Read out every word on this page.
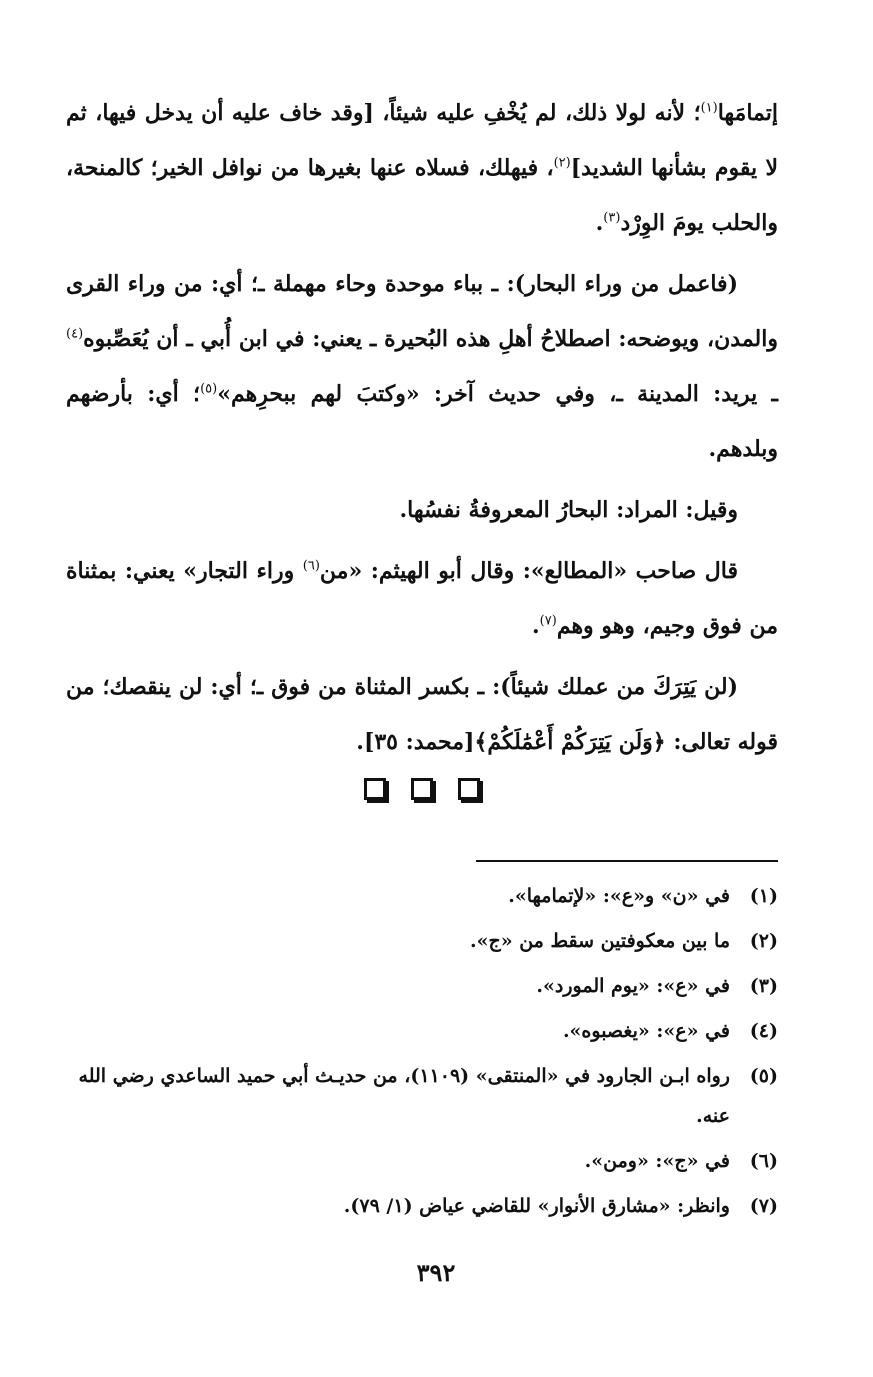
إتمامَها$^{(١)}$؛ لأنه لولا ذلك، لم يُخْفِ عليه شيئاً، [وقد خاف عليه أن يدخل فيها، ثم لا يقوم بشأنها الشديد]$^{(٢)}$، فيهلك، فسلاه عنها بغيرها من نوافل الخير؛ كالمنحة، والحلب يومَ الوِرْد$^{(٣)}$.

(فاعمل من وراء البحار): ـ بباء موحدة وحاء مهملة ـ؛ أي: من وراء القرى والمدن، ويوضحه: اصطلاحُ أهلِ هذه البُحيرة ـ يعني: في ابن أُبي ـ أن يُعَصِّبوه$^{(٤)}$ ـ يريد: المدينة ـ، وفي حديث آخر: «وكتبَ لهم ببحرِهم»$^{(٥)}$؛ أي: بأرضهم وبلدهم.

وقيل: المراد: البحارُ المعروفةُ نفسُها.

قال صاحب «المطالع»: وقال أبو الهيثم: «من$^{(٦)}$ وراء التجار» يعني: بمثناة من فوق وجيم، وهو وهم$^{(٧)}$.

(لن يَتِرَكَ من عملك شيئاً): ـ بكسر المثناة من فوق ـ؛ أي: لن ينقصك؛ من قوله تعالى: ﴿وَلَن يَتِرَكُمْ أَعْمَٰلَكُمْ﴾[محمد: ٣٥].

(١)
في «ن» و«ع»: «لإتمامها».
(٢)
ما بين معكوفتين سقط من «ج».
(٣)
في «ع»: «يوم المورد».
(٤)
في «ع»: «يغصبوه».
(٥)
رواه ابـن الجارود في «المنتقى» (١١٠٩)، من حديـث أبي حميد الساعدي رضي الله عنه.
(٦)
في «ج»: «ومن».
(٧)
وانظر: «مشارق الأنوار» للقاضي عياض (١/ ٧٩).
٣٩٢
